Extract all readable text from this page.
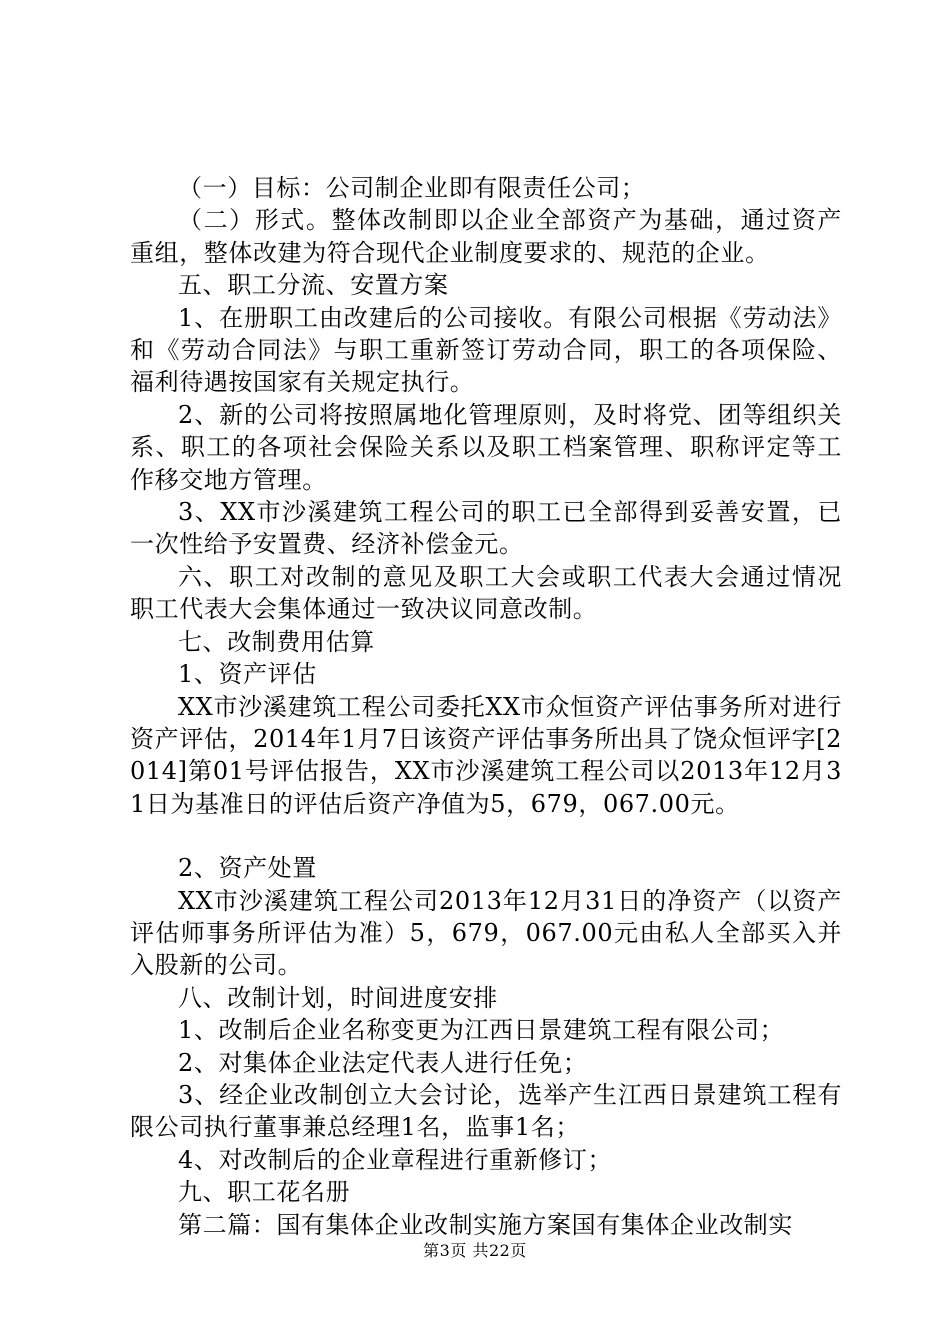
（一）目标：公司制企业即有限责任公司；

（二）形式。整体改制即以企业全部资产为基础，通过资产重组，整体改建为符合现代企业制度要求的、规范的企业。

五、职工分流、安置方案

1、在册职工由改建后的公司接收。有限公司根据《劳动法》和《劳动合同法》与职工重新签订劳动合同，职工的各项保险、福利待遇按国家有关规定执行。

2、新的公司将按照属地化管理原则，及时将党、团等组织关系、职工的各项社会保险关系以及职工档案管理、职称评定等工作移交地方管理。

3、XX市沙溪建筑工程公司的职工已全部得到妥善安置，已一次性给予安置费、经济补偿金元。

六、职工对改制的意见及职工大会或职工代表大会通过情况职工代表大会集体通过一致决议同意改制。

七、改制费用估算

1、资产评估

XX市沙溪建筑工程公司委托XX市众恒资产评估事务所对进行资产评估，2014年1月7日该资产评估事务所出具了饶众恒评字[2014]第01号评估报告，XX市沙溪建筑工程公司以2013年12月31日为基准日的评估后资产净值为5，679，067.00元。

2、资产处置

XX市沙溪建筑工程公司2013年12月31日的净资产（以资产评估师事务所评估为准）5，679，067.00元由私人全部买入并入股新的公司。

八、改制计划，时间进度安排

1、改制后企业名称变更为江西日景建筑工程有限公司；

2、对集体企业法定代表人进行任免；

3、经企业改制创立大会讨论，选举产生江西日景建筑工程有限公司执行董事兼总经理1名，监事1名；

4、对改制后的企业章程进行重新修订；

九、职工花名册

第二篇：国有集体企业改制实施方案国有集体企业改制实

第3页 共22页
